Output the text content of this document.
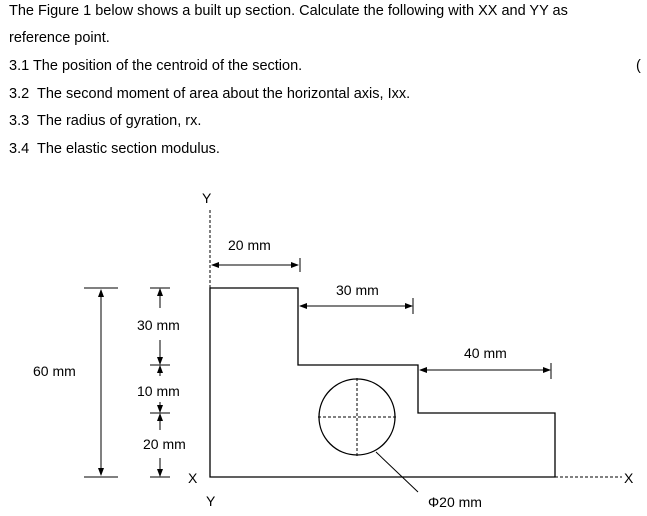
The Figure 1 below shows a built up section. Calculate the following with XX and YY as
reference point.
(
3.1 The position of the centroid of the section.
3.2 The second moment of area about the horizontal axis, Ixx.
3.3 The radius of gyration, rx.
3.4 The elastic section modulus.
Y
Y
X
X
Φ20 mm
20 mm
30 mm
40 mm
60 mm
30 mm
10 mm
20 mm
